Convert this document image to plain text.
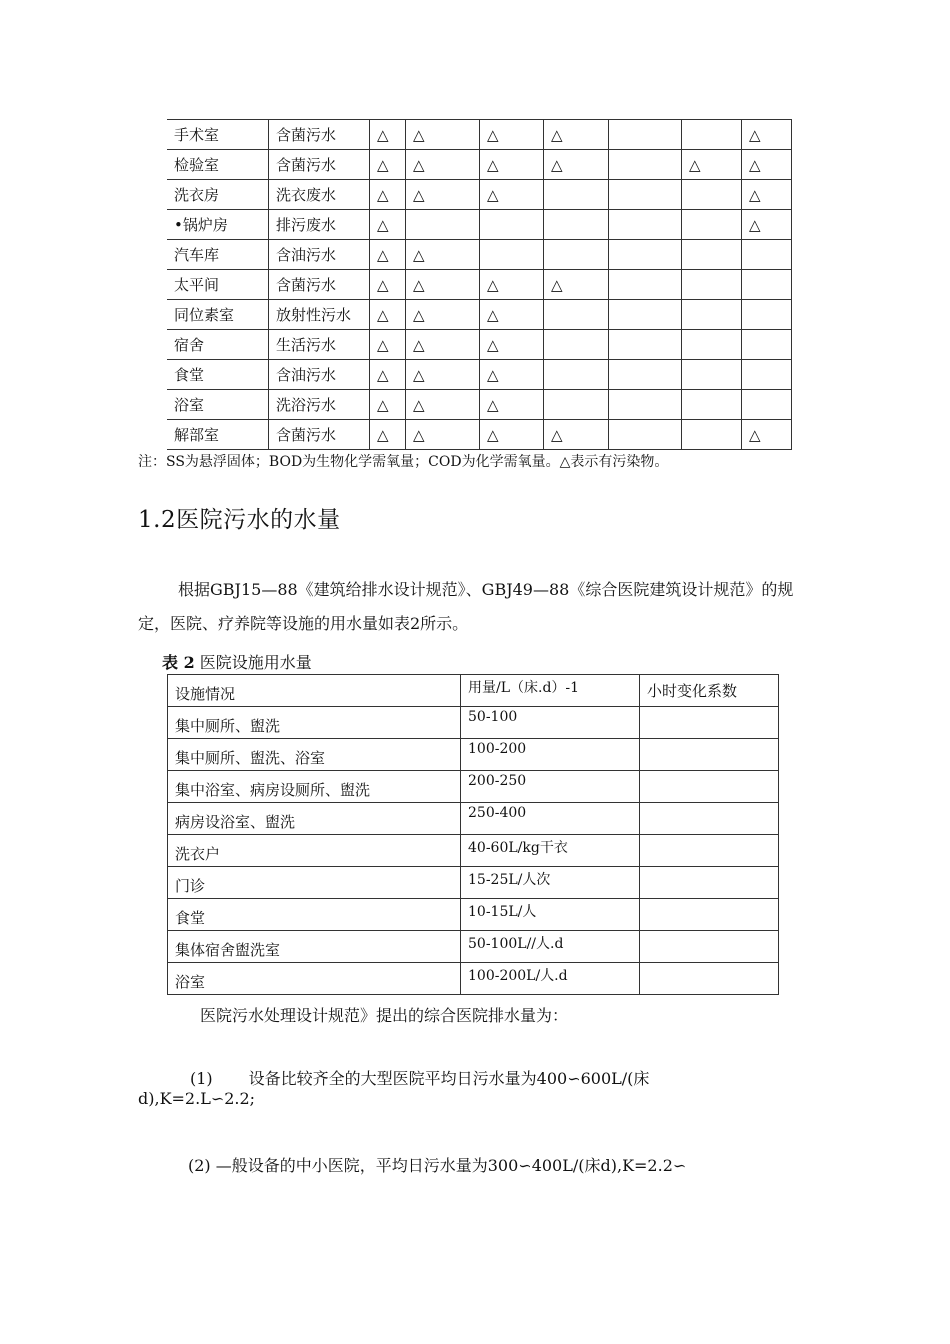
手术室	含菌污水	△	△	△	△			△
检验室	含菌污水	△	△	△	△		△	△
洗衣房	洗衣废水	△	△	△				△
•锅炉房	排污废水	△						△
汽车库	含油污水	△	△					
太平间	含菌污水	△	△	△	△			
同位素室	放射性污水	△	△	△				
宿舍	生活污水	△	△	△				
食堂	含油污水	△	△	△				
浴室	洗浴污水	△	△	△				
解部室	含菌污水	△	△	△	△			△
注：SS为悬浮固体；BOD为生物化学需氧量；COD为化学需氧量。△表示有污染物。
1.2医院污水的水量
根据GBJ15—88《建筑给排水设计规范》、GBJ49—88《综合医院建筑设计规范》的规定，医院、疗养院等设施的用水量如表2所示。
表 2 医院设施用水量
设施情况	用量/L（床.d）-1	小时变化系数
集中厕所、盥洗	50-100	
集中厕所、盥洗、浴室	100-200	
集中浴室、病房设厕所、盥洗	200-250	
病房设浴室、盥洗	250-400	
洗衣户	40-60L/kg干衣	
门诊	15-25L/人次	
食堂	10-15L/人	
集体宿舍盥洗室	50-100L//人.d	
浴室	100-200L/人.d	
医院污水处理设计规范》提出的综合医院排水量为：
(1) 设备比较齐全的大型医院平均日污水量为400∽600L/(床
d),K=2.L∽2.2;
(2) —般设备的中小医院，平均日污水量为300∽400L/(床d),K=2.2∽
